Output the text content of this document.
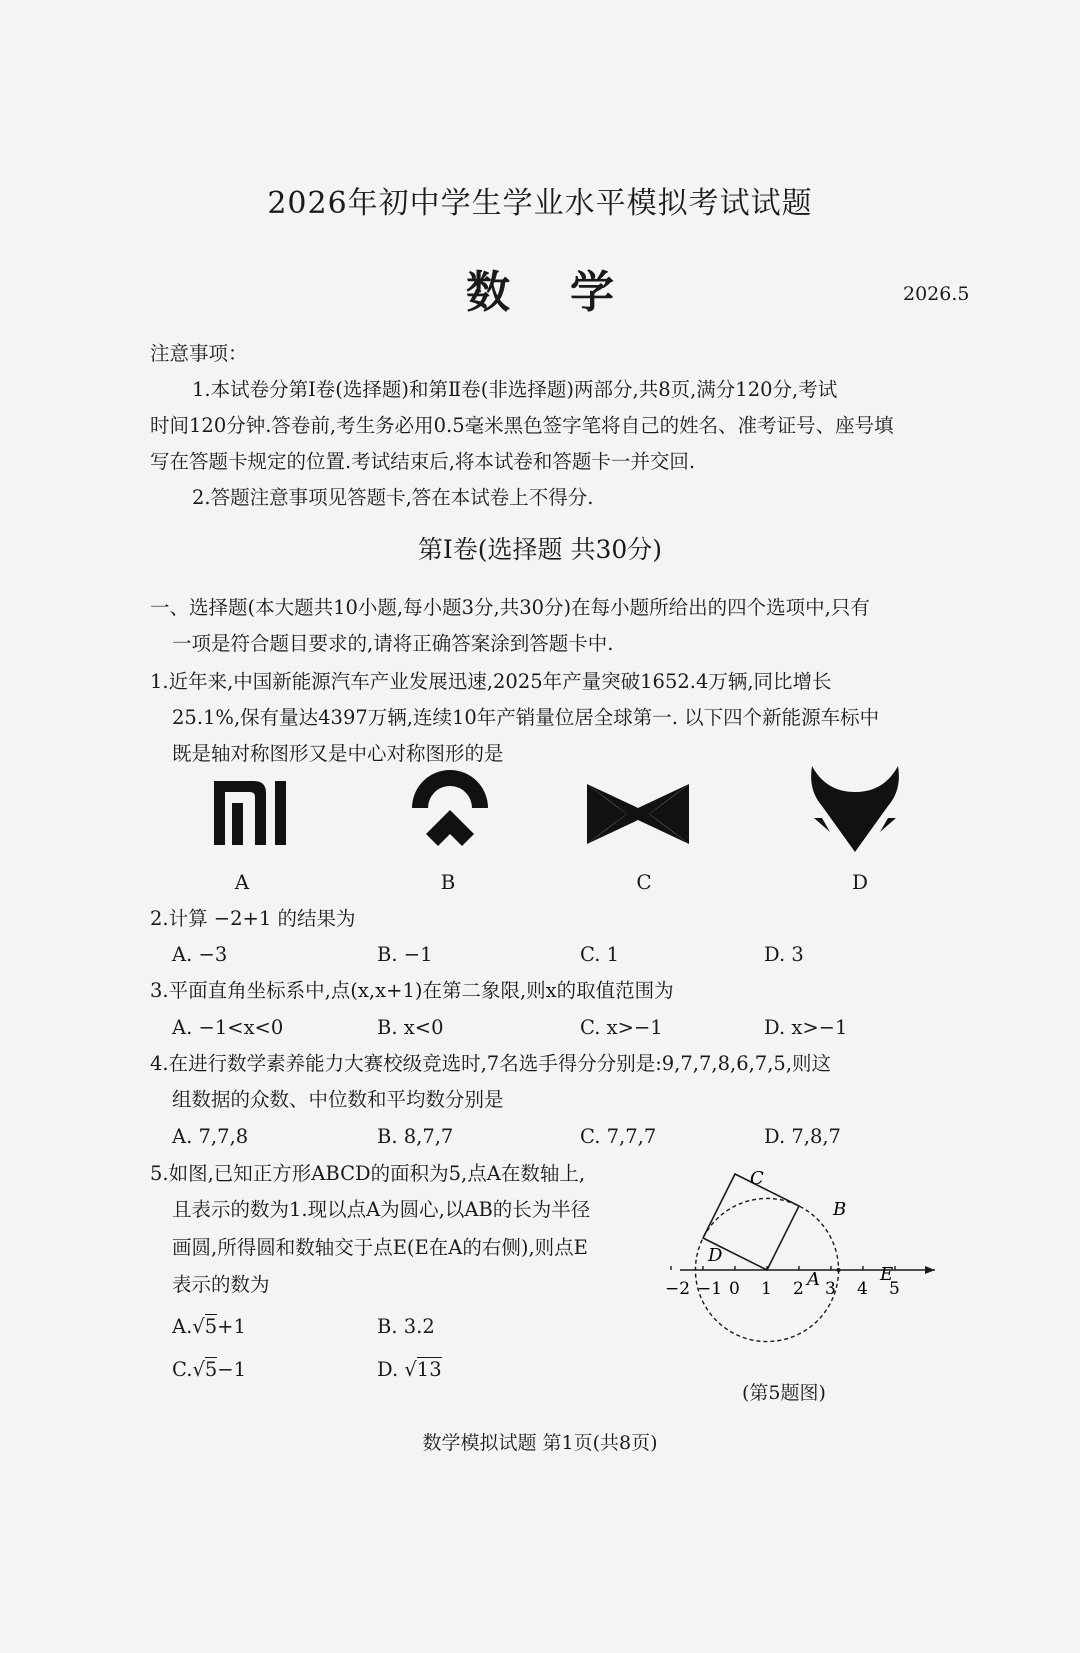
2026年初中学生学业水平模拟考试试题
数学	2026.5
注意事项：
1.本试卷分第Ⅰ卷(选择题)和第Ⅱ卷(非选择题)两部分,共8页,满分120分,考试
时间120分钟.答卷前,考生务必用0.5毫米黑色签字笔将自己的姓名、准考证号、座号填
写在答题卡规定的位置.考试结束后,将本试卷和答题卡一并交回.
2.答题注意事项见答题卡,答在本试卷上不得分.
第Ⅰ卷(选择题 共30分)
一、选择题(本大题共10小题,每小题3分,共30分)在每小题所给出的四个选项中,只有
一项是符合题目要求的,请将正确答案涂到答题卡中.
1.近年来,中国新能源汽车产业发展迅速,2025年产量突破1652.4万辆,同比增长
25.1%,保有量达4397万辆,连续10年产销量位居全球第一. 以下四个新能源车标中
既是轴对称图形又是中心对称图形的是
A	B	C	D
2.计算 −2+1 的结果为
A. −3	B. −1	C. 1	D. 3
3.平面直角坐标系中,点(x,x+1)在第二象限,则x的取值范围为
A. −1<x<0	B. x<0	C. x>−1	D. x>−1
4.在进行数学素养能力大赛校级竞选时,7名选手得分分别是:9,7,7,8,6,7,5,则这
组数据的众数、中位数和平均数分别是
A. 7,7,8	B. 8,7,7	C. 7,7,7	D. 7,8,7
5.如图,已知正方形ABCD的面积为5,点A在数轴上,
且表示的数为1.现以点A为圆心,以AB的长为半径
画圆,所得圆和数轴交于点E(E在A的右侧),则点E
表示的数为
A.√5+1	B. 3.2
C.√5−1	D. √13
−2 −1 0 1 2 3 4 5
C
B
D
A	E
(第5题图)
数学模拟试题 第1页(共8页)
